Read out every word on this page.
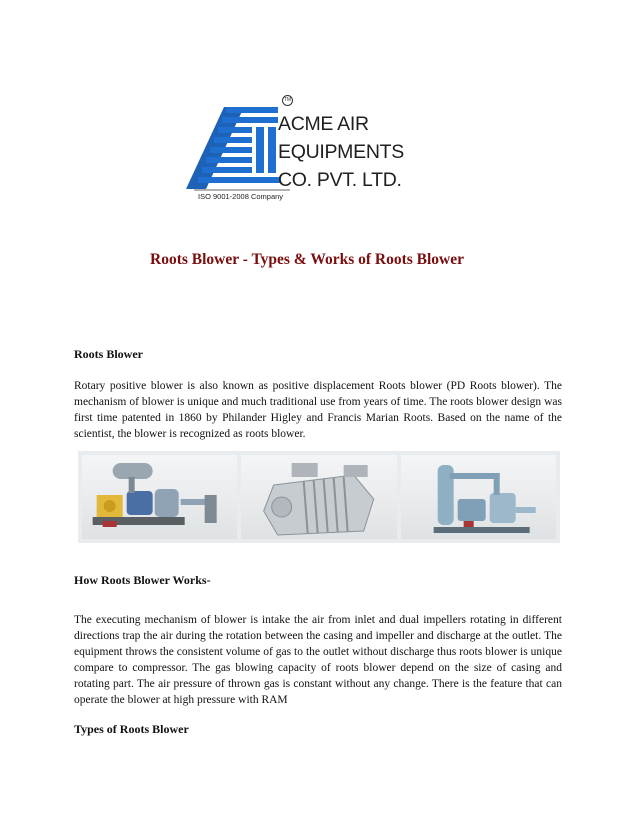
TM
ACME AIR
EQUIPMENTS
CO. PVT. LTD.
ISO 9001-2008 Company
Roots Blower - Types & Works of Roots Blower
Roots Blower

Rotary positive blower is also known as positive displacement Roots blower (PD Roots blower). The mechanism of blower is unique and much traditional use from years of time. The roots blower design was first time patented in 1860 by Philander Higley and Francis Marian Roots. Based on the name of the scientist, the blower is recognized as roots blower.

How Roots Blower Works-

The executing mechanism of blower is intake the air from inlet and dual impellers rotating in different directions trap the air during the rotation between the casing and impeller and discharge at the outlet. The equipment throws the consistent volume of gas to the outlet without discharge thus roots blower is unique compare to compressor. The gas blowing capacity of roots blower depend on the size of casing and rotating part. The air pressure of thrown gas is constant without any change. There is the feature that can operate the blower at high pressure with RAM

Types of Roots Blower
